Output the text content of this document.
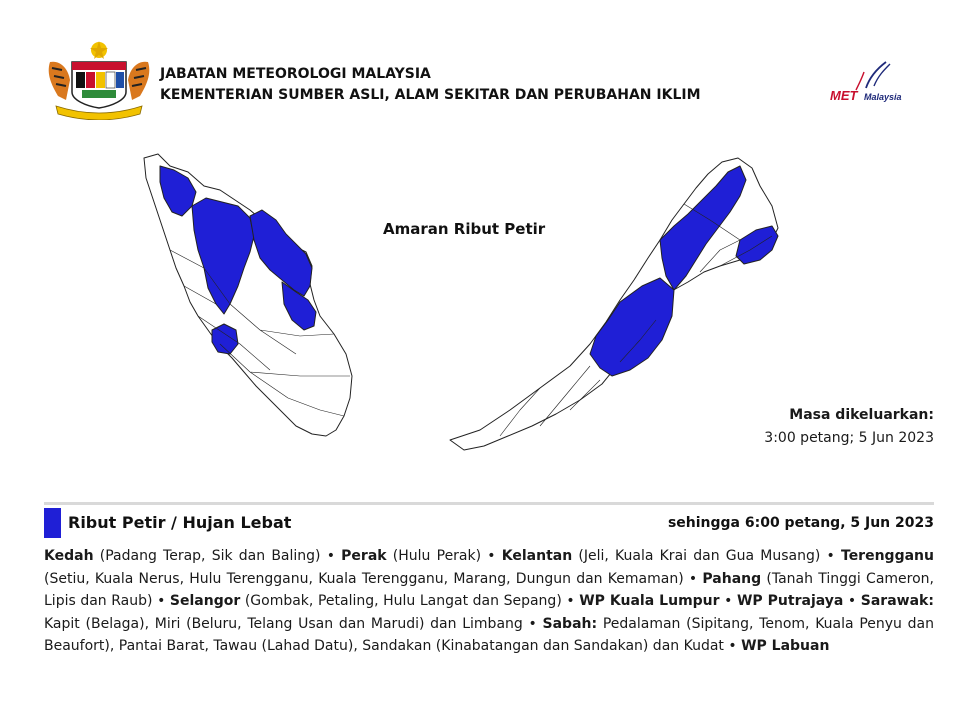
JABATAN METEOROLOGI MALAYSIA
KEMENTERIAN SUMBER ASLI, ALAM SEKITAR DAN PERUBAHAN IKLIM	MET Malaysia
Amaran Ribut Petir
Masa dikeluarkan:
3:00 petang; 5 Jun 2023
Ribut Petir / Hujan Lebat	sehingga 6:00 petang, 5 Jun 2023
Kedah (Padang Terap, Sik dan Baling) • Perak (Hulu Perak) • Kelantan (Jeli, Kuala Krai dan Gua Musang) • Terengganu (Setiu, Kuala Nerus, Hulu Terengganu, Kuala Terengganu, Marang, Dungun dan Kemaman) • Pahang (Tanah Tinggi Cameron, Lipis dan Raub) • Selangor (Gombak, Petaling, Hulu Langat dan Sepang) • WP Kuala Lumpur • WP Putrajaya • Sarawak: Kapit (Belaga), Miri (Beluru, Telang Usan dan Marudi) dan Limbang • Sabah: Pedalaman (Sipitang, Tenom, Kuala Penyu dan Beaufort), Pantai Barat, Tawau (Lahad Datu), Sandakan (Kinabatangan dan Sandakan) dan Kudat • WP Labuan
